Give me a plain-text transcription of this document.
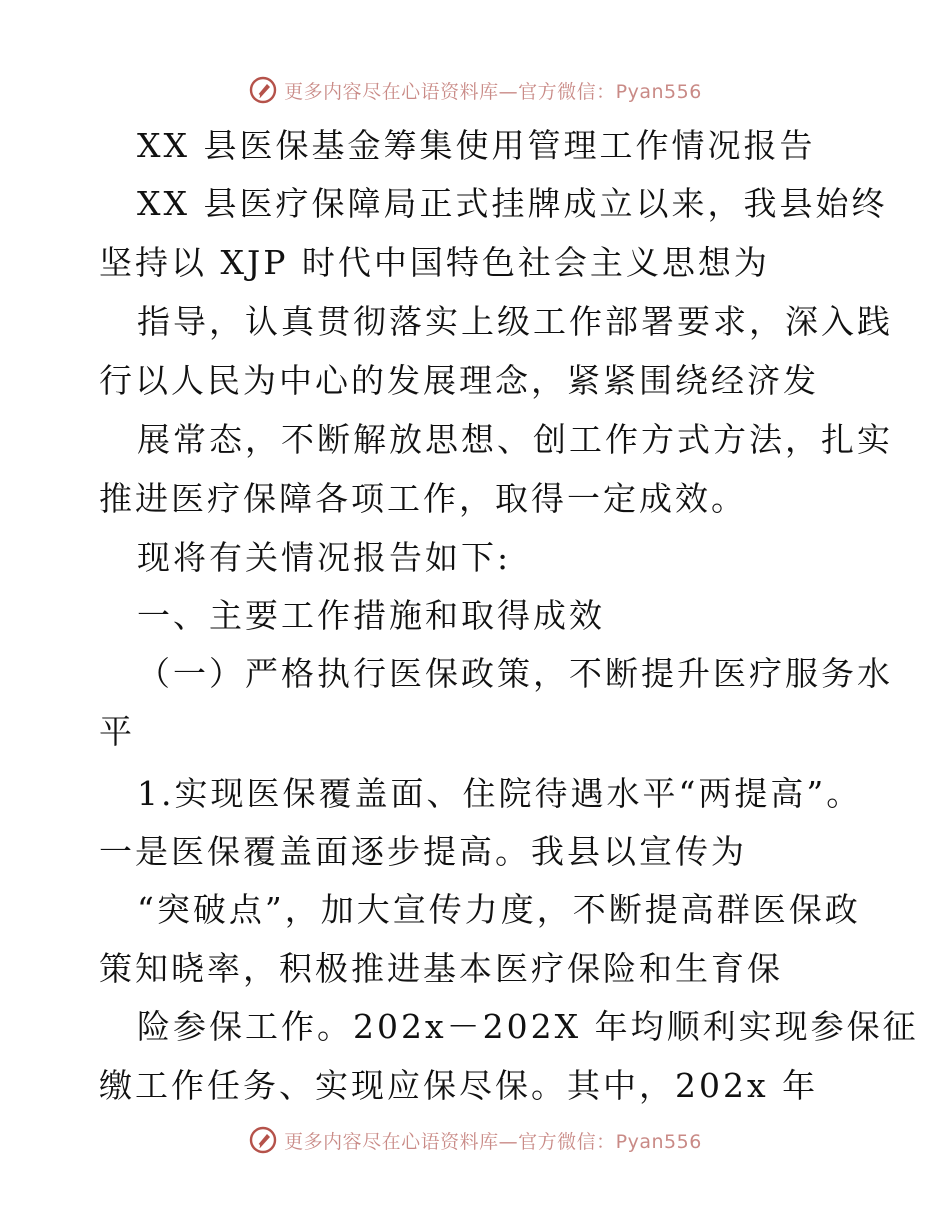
更多内容尽在心语资料库—官方微信：Pyan556
XX 县医保基金筹集使用管理工作情况报告
XX 县医疗保障局正式挂牌成立以来，我县始终
坚持以 XJP 时代中国特色社会主义思想为
指导，认真贯彻落实上级工作部署要求，深入践
行以人民为中心的发展理念，紧紧围绕经济发
展常态，不断解放思想、创工作方式方法，扎实
推进医疗保障各项工作，取得一定成效。
现将有关情况报告如下:
一、主要工作措施和取得成效
（一）严格执行医保政策，不断提升医疗服务水
平
1.实现医保覆盖面、住院待遇水平“两提高”。
一是医保覆盖面逐步提高。我县以宣传为
“突破点”，加大宣传力度，不断提高群医保政
策知晓率，积极推进基本医疗保险和生育保
险参保工作。202x－202X 年均顺利实现参保征
缴工作任务、实现应保尽保。其中，202x 年
更多内容尽在心语资料库—官方微信：Pyan556
